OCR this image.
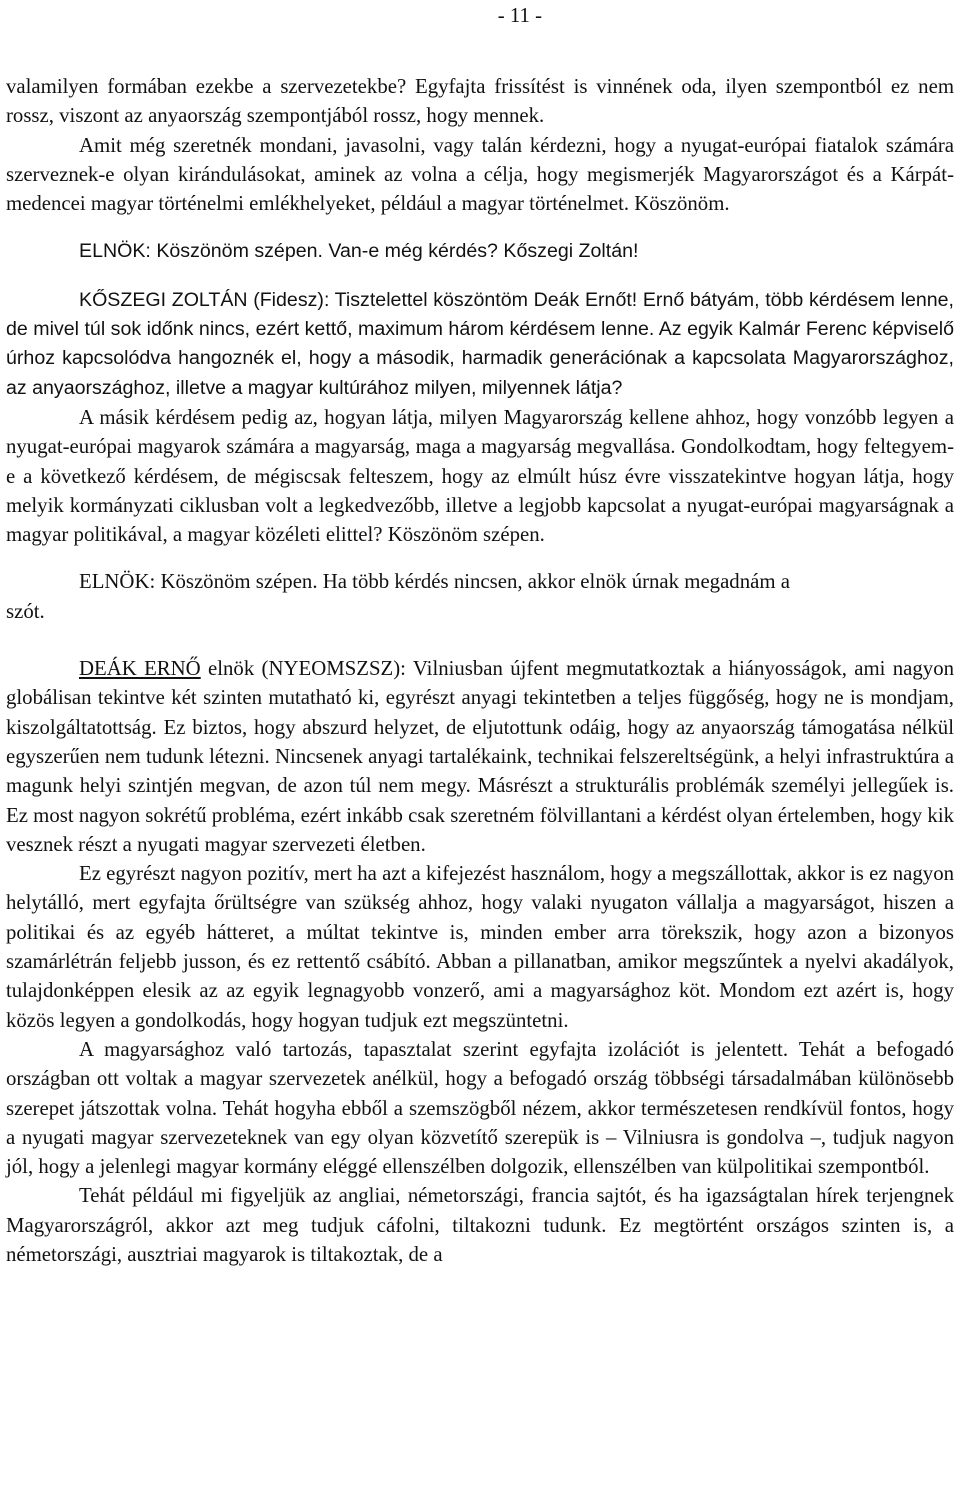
- 11 -

valamilyen formában ezekbe a szervezetekbe? Egyfajta frissítést is vinnének oda, ilyen szempontból ez nem rossz, viszont az anyaország szempontjából rossz, hogy mennek.

Amit még szeretnék mondani, javasolni, vagy talán kérdezni, hogy a nyugat-európai fiatalok számára szerveznek-e olyan kirándulásokat, aminek az volna a célja, hogy megismerjék Magyarországot és a Kárpát-medencei magyar történelmi emlékhelyeket, például a magyar történelmet. Köszönöm.

ELNÖK: Köszönöm szépen. Van-e még kérdés? Kőszegi Zoltán!

KŐSZEGI ZOLTÁN (Fidesz): Tisztelettel köszöntöm Deák Ernőt! Ernő bátyám, több kérdésem lenne, de mivel túl sok időnk nincs, ezért kettő, maximum három kérdésem lenne. Az egyik Kalmár Ferenc képviselő úrhoz kapcsolódva hangoznék el, hogy a második, harmadik generációnak a kapcsolata Magyarországhoz, az anyaországhoz, illetve a magyar kultúrához milyen, milyennek látja?

A másik kérdésem pedig az, hogyan látja, milyen Magyarország kellene ahhoz, hogy vonzóbb legyen a nyugat-európai magyarok számára a magyarság, maga a magyarság megvallása. Gondolkodtam, hogy feltegyem-e a következő kérdésem, de mégiscsak felteszem, hogy az elmúlt húsz évre visszatekintve hogyan látja, hogy melyik kormányzati ciklusban volt a legkedvezőbb, illetve a legjobb kapcsolat a nyugat-európai magyarságnak a magyar politikával, a magyar közéleti elittel? Köszönöm szépen.

ELNÖK: Köszönöm szépen. Ha több kérdés nincsen, akkor elnök úrnak megadnám a
szót.

DEÁK ERNŐ elnök (NYEOMSZSZ): Vilniusban újfent megmutatkoztak a hiányosságok, ami nagyon globálisan tekintve két szinten mutatható ki, egyrészt anyagi tekintetben a teljes függőség, hogy ne is mondjam, kiszolgáltatottság. Ez biztos, hogy abszurd helyzet, de eljutottunk odáig, hogy az anyaország támogatása nélkül egyszerűen nem tudunk létezni. Nincsenek anyagi tartalékaink, technikai felszereltségünk, a helyi infrastruktúra a magunk helyi szintjén megvan, de azon túl nem megy. Másrészt a strukturális problémák személyi jellegűek is. Ez most nagyon sokrétű probléma, ezért inkább csak szeretném fölvillantani a kérdést olyan értelemben, hogy kik vesznek részt a nyugati magyar szervezeti életben.

Ez egyrészt nagyon pozitív, mert ha azt a kifejezést használom, hogy a megszállottak, akkor is ez nagyon helytálló, mert egyfajta őrültségre van szükség ahhoz, hogy valaki nyugaton vállalja a magyarságot, hiszen a politikai és az egyéb hátteret, a múltat tekintve is, minden ember arra törekszik, hogy azon a bizonyos szamárlétrán feljebb jusson, és ez rettentő csábító. Abban a pillanatban, amikor megszűntek a nyelvi akadályok, tulajdonképpen elesik az az egyik legnagyobb vonzerő, ami a magyarsághoz köt. Mondom ezt azért is, hogy közös legyen a gondolkodás, hogy hogyan tudjuk ezt megszüntetni.

A magyarsághoz való tartozás, tapasztalat szerint egyfajta izolációt is jelentett. Tehát a befogadó országban ott voltak a magyar szervezetek anélkül, hogy a befogadó ország többségi társadalmában különösebb szerepet játszottak volna. Tehát hogyha ebből a szemszögből nézem, akkor természetesen rendkívül fontos, hogy a nyugati magyar szervezeteknek van egy olyan közvetítő szerepük is – Vilniusra is gondolva –, tudjuk nagyon jól, hogy a jelenlegi magyar kormány eléggé ellenszélben dolgozik, ellenszélben van külpolitikai szempontból.

Tehát például mi figyeljük az angliai, németországi, francia sajtót, és ha igazságtalan hírek terjengnek Magyarországról, akkor azt meg tudjuk cáfolni, tiltakozni tudunk. Ez megtörtént országos szinten is, a németországi, ausztriai magyarok is tiltakoztak, de a
